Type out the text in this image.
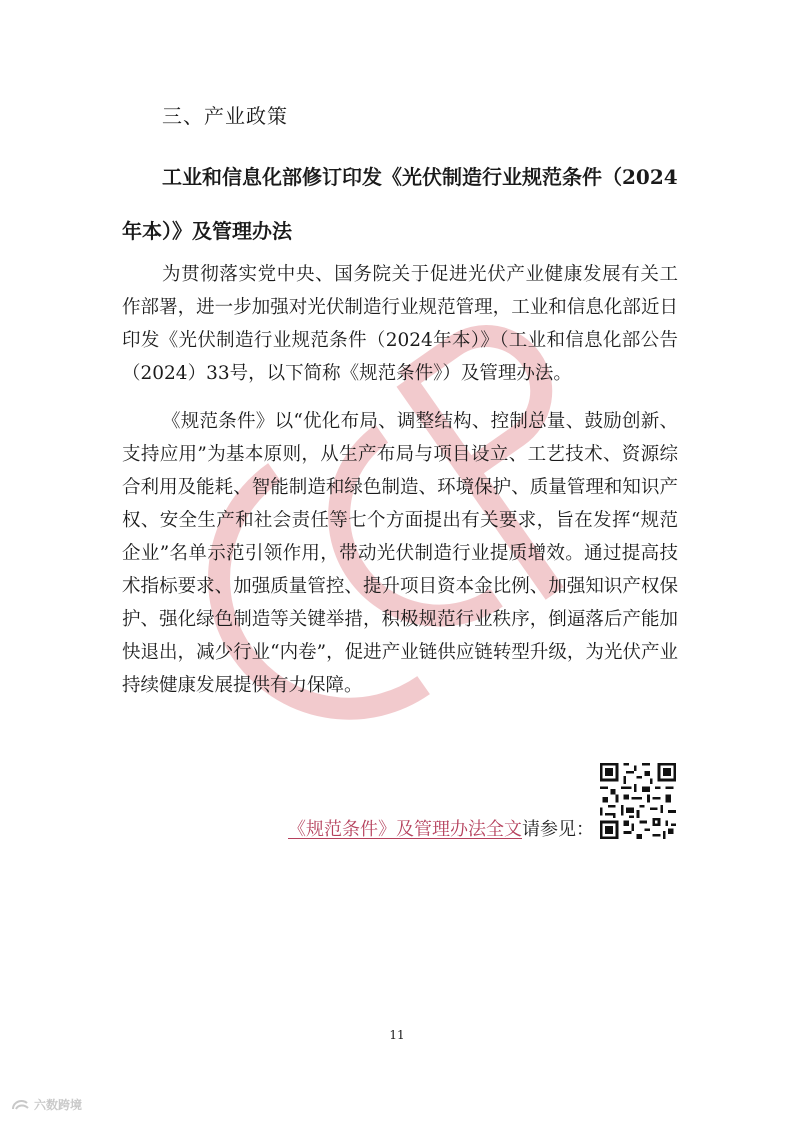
三、产业政策
工业和信息化部修订印发《光伏制造行业规范条件（2024
年本）》及管理办法

为贯彻落实党中央、国务院关于促进光伏产业健康发展有关工作部署，进一步加强对光伏制造行业规范管理，工业和信息化部近日印发《光伏制造行业规范条件（2024年本）》（工业和信息化部公告（2024）33号，以下简称《规范条件》）及管理办法。

《规范条件》以“优化布局、调整结构、控制总量、鼓励创新、支持应用”为基本原则，从生产布局与项目设立、工艺技术、资源综合利用及能耗、智能制造和绿色制造、环境保护、质量管理和知识产权、安全生产和社会责任等七个方面提出有关要求，旨在发挥“规范企业”名单示范引领作用，带动光伏制造行业提质增效。通过提高技术指标要求、加强质量管控、提升项目资本金比例、加强知识产权保护、强化绿色制造等关键举措，积极规范行业秩序，倒逼落后产能加快退出，减少行业“内卷”，促进产业链供应链转型升级，为光伏产业持续健康发展提供有力保障。

《规范条件》及管理办法全文请参见：
11
六数跨境
